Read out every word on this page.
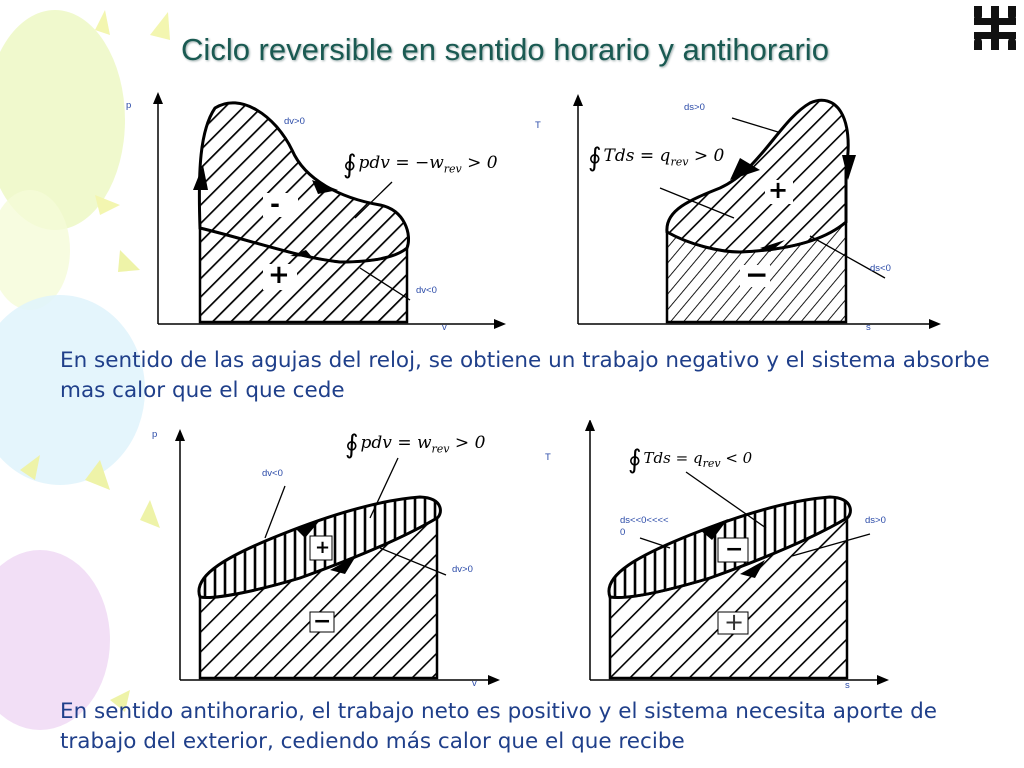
Ciclo reversible en sentido horario y antihorario
p
v
dv>0
dv<0
-
+
∮ pdv = $-w_{rev} > 0$
T
s
ds>0
ds<0
+
−
∮ Tds = $q_{rev} > 0$

En sentido de las agujas del reloj, se obtiene un trabajo negativo y el sistema absorbe mas calor que el que cede

p
v
dv<0
dv>0
+
−
∮ pdv = $w_{rev} > 0$
T
s
ds<<0<<<<
0
ds>0
−
+
∮ Tds = $q_{rev} < 0$

En sentido antihorario, el trabajo neto es positivo y el sistema necesita aporte de trabajo del exterior, cediendo más calor que el que recibe
